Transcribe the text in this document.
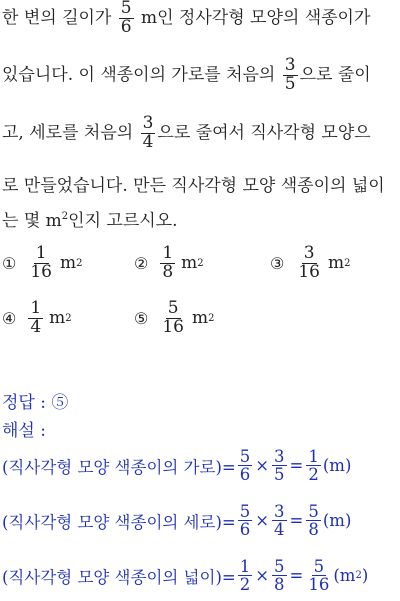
한 변의 길이가 $\frac{5}{6}$ m인 정사각형 모양의 색종이가
있습니다. 이 색종이의 가로를 처음의 $\frac{3}{5}$ 으로 줄이
고, 세로를 처음의 $\frac{3}{4}$ 으로 줄여서 직사각형 모양으
로 만들었습니다. 만든 직사각형 모양 색종이의 넓이
는 몇 $m^2$인지 고르시오.
① $\frac{1}{16}$ m 2	② $\frac{1}{8}$ m 2	③ $\frac{3}{16}$ m 2
④ $\frac{1}{4}$ m 2	⑤ $\frac{5}{16}$ m 2
정답 : ⑤
해설 :
(직사각형 모양 색종이의 가로)= $\frac{5}{6} \times \frac{3}{5} = \frac{1}{2} (m)$
(직사각형 모양 색종이의 세로)= $\frac{5}{6} \times \frac{3}{4} = \frac{5}{8} (m)$
(직사각형 모양 색종이의 넓이)= $\frac{1}{2} \times \frac{5}{8} = \frac{5}{16} (m$ 2 )
